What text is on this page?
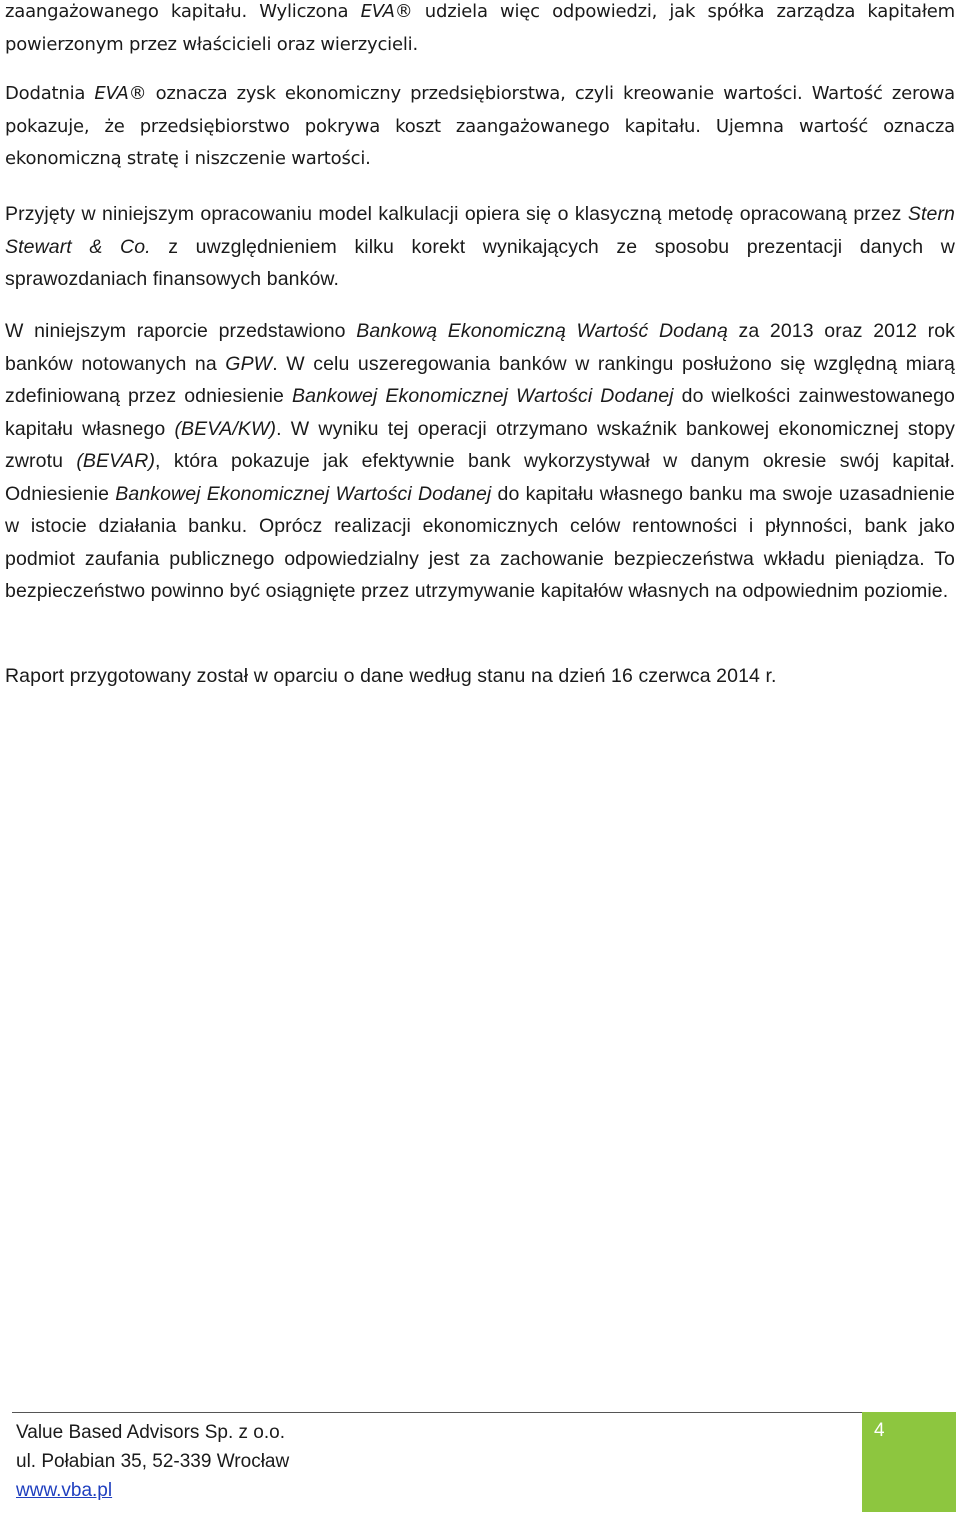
zaangażowanego kapitału. Wyliczona EVA® udziela więc odpowiedzi, jak spółka zarządza kapitałem powierzonym przez właścicieli oraz wierzycieli.

Dodatnia EVA® oznacza zysk ekonomiczny przedsiębiorstwa, czyli kreowanie wartości. Wartość zerowa pokazuje, że przedsiębiorstwo pokrywa koszt zaangażowanego kapitału. Ujemna wartość oznacza ekonomiczną stratę i niszczenie wartości.

Przyjęty w niniejszym opracowaniu model kalkulacji opiera się o klasyczną metodę opracowaną przez Stern Stewart & Co. z uwzględnieniem kilku korekt wynikających ze sposobu prezentacji danych w sprawozdaniach finansowych banków.

W niniejszym raporcie przedstawiono Bankową Ekonomiczną Wartość Dodaną za 2013 oraz 2012 rok banków notowanych na GPW. W celu uszeregowania banków w rankingu posłużono się względną miarą zdefiniowaną przez odniesienie Bankowej Ekonomicznej Wartości Dodanej do wielkości zainwestowanego kapitału własnego (BEVA/KW). W wyniku tej operacji otrzymano wskaźnik bankowej ekonomicznej stopy zwrotu (BEVAR), która pokazuje jak efektywnie bank wykorzystywał w danym okresie swój kapitał. Odniesienie Bankowej Ekonomicznej Wartości Dodanej do kapitału własnego banku ma swoje uzasadnienie w istocie działania banku. Oprócz realizacji ekonomicznych celów rentowności i płynności, bank jako podmiot zaufania publicznego odpowiedzialny jest za zachowanie bezpieczeństwa wkładu pieniądza. To bezpieczeństwo powinno być osiągnięte przez utrzymywanie kapitałów własnych na odpowiednim poziomie.

Raport przygotowany został w oparciu o dane według stanu na dzień 16 czerwca 2014 r.

Value Based Advisors Sp. z o.o.
ul. Połabian 35, 52-339 Wrocław
www.vba.pl
4
